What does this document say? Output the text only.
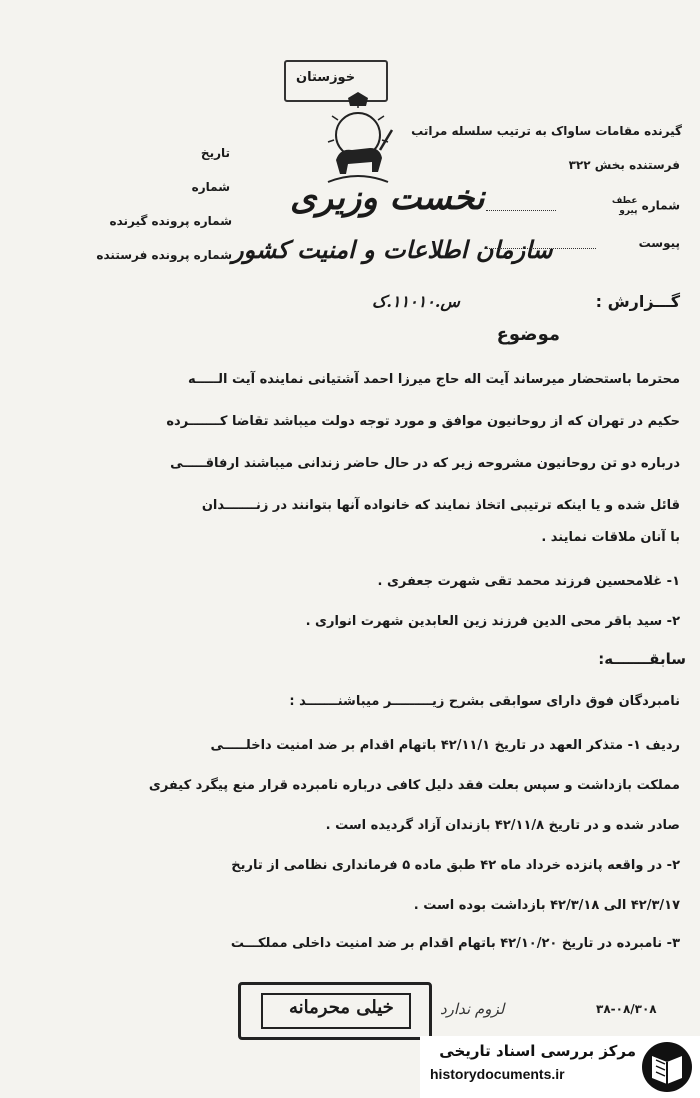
خوزستان
نخست وزیری
سازمان اطلاعات و امنیت کشور
س.۱۱۰۱۰.ک
گیرنده مقامات ساواک به ترتیب سلسله مراتب
فرستنده بخش ۳۲۲
شماره عطف
پیرو
پیوست
تاریخ
شماره
شماره پرونده گیرنده
شماره پرونده فرستنده
گـــزارش :
موضوع
محترما باستحضار میرساند آیت اله حاج میرزا احمد آشتیانی نماینده آیت الـــــه
حکیم در تهران که از روحانیون موافق و مورد توجه دولت میباشد تقاضا کـــــــرده
درباره دو تن روحانیون مشروحه زیر که در حال حاضر زندانی میباشند ارفاقـــــی
قائل شده و یا اینکه ترتیبی اتخاذ نمایند که خانواده آنها بتوانند در زنـــــــدان
با آنان ملاقات نمایند .
۱- غلامحسین فرزند محمد تقی شهرت جعفری .
۲- سید باقر محی الدین فرزند زین العابدین شهرت انواری .
سابقـــــــه:
نامبردگان فوق دارای سوابقی بشرح زیـــــــــر میباشنـــــــد :
ردیف ۱- متذکر العهد در تاریخ ۴۲/۱۱/۱ باتهام اقدام بر ضد امنیت داخلـــــی
مملکت بازداشت و سپس بعلت فقد دلیل کافی درباره نامبرده قرار منع پیگرد کیفری
صادر شده و در تاریخ ۴۲/۱۱/۸ بازندان آزاد گردیده است .
۲- در واقعه پانزده خرداد ماه ۴۲ طبق ماده ۵ فرمانداری نظامی از تاریخ
۴۲/۳/۱۷ الی ۴۲/۳/۱۸ بازداشت بوده است .
۳- نامبرده در تاریخ ۴۲/۱۰/۲۰ باتهام اقدام بر ضد امنیت داخلی مملکـــت
۳۸-۰۸/۳۰۸
لزوم ندارد
خیلی محرمانه
مرکز بررسی اسناد تاریخی
historydocuments.ir
